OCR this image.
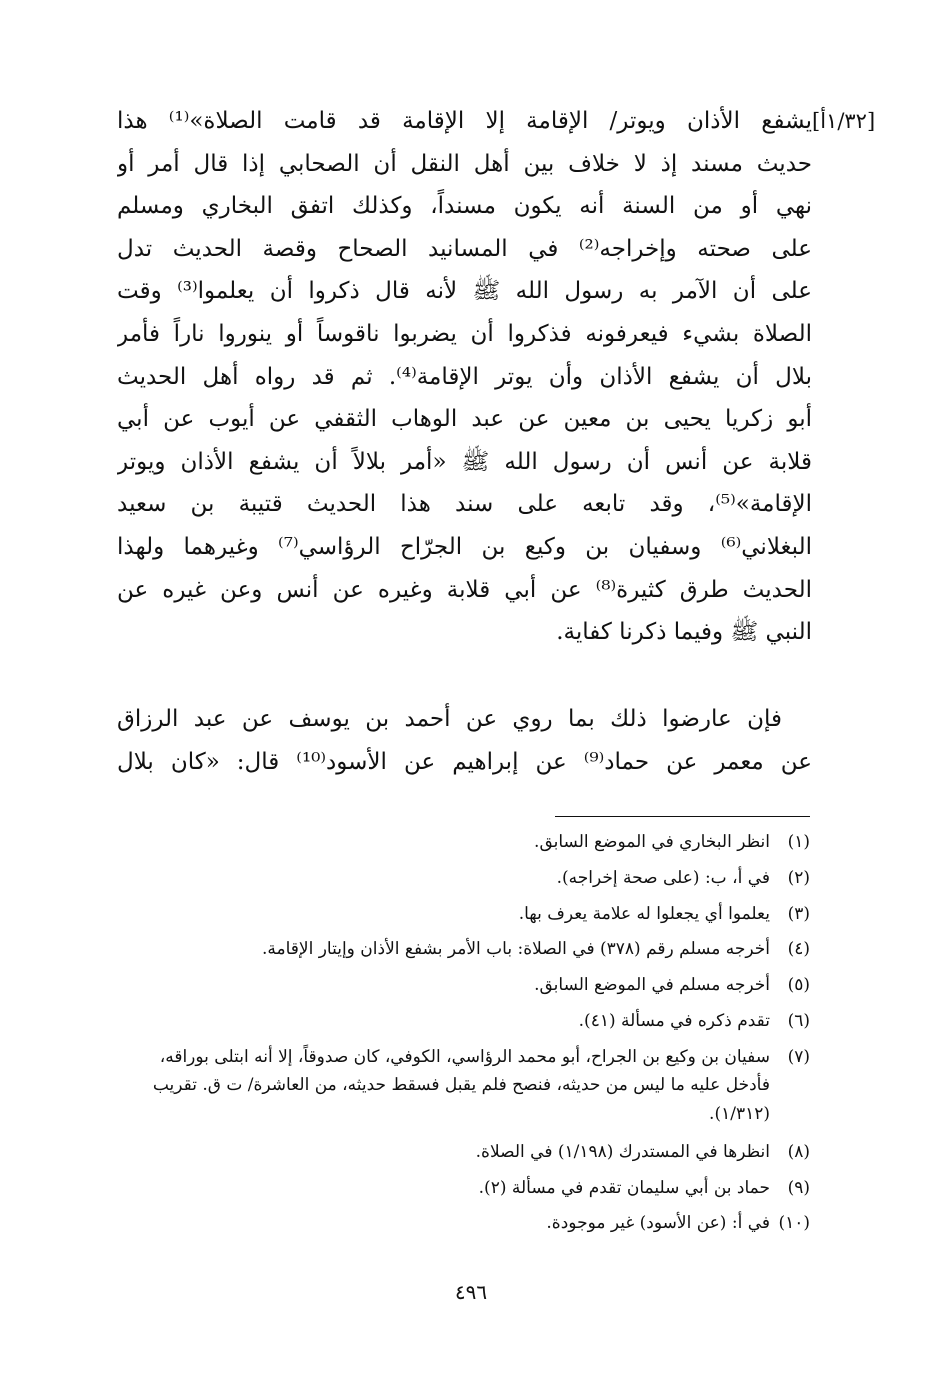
[١/٣٢أ]
يشفع الأذان ويوتر/ الإقامة إلا الإقامة قد قامت الصلاة»⁽¹⁾ هذا
حديث مسند إذ لا خلاف بين أهل النقل أن الصحابي إذا قال أمر أو
نهي أو من السنة أنه يكون مسنداً، وكذلك اتفق البخاري ومسلم
على صحته وإخراجه⁽²⁾ في المسانيد الصحاح وقصة الحديث تدل
على أن الآمر به رسول الله ﷺ لأنه قال ذكروا أن يعلموا⁽³⁾ وقت
الصلاة بشيء فيعرفونه فذكروا أن يضربوا ناقوساً أو ينوروا ناراً فأمر
بلال أن يشفع الأذان وأن يوتر الإقامة⁽⁴⁾. ثم قد رواه أهل الحديث
أبو زكريا يحيى بن معين عن عبد الوهاب الثقفي عن أيوب عن أبي
قلابة عن أنس أن رسول الله ﷺ «أمر بلالاً أن يشفع الأذان ويوتر
الإقامة»⁽⁵⁾، وقد تابعه على سند هذا الحديث قتيبة بن سعيد
البغلاني⁽⁶⁾ وسفيان بن وكيع بن الجرّاح الرؤاسي⁽⁷⁾ وغيرهما ولهذا
الحديث طرق كثيرة⁽⁸⁾ عن أبي قلابة وغيره عن أنس وعن غيره عن
النبي ﷺ وفيما ذكرنا كفاية.
فإن عارضوا ذلك بما روي عن أحمد بن يوسف عن عبد الرزاق
عن معمر عن حماد⁽⁹⁾ عن إبراهيم عن الأسود⁽¹⁰⁾ قال: «كان بلال
(١)
انظر البخاري في الموضع السابق.
(٢)
في أ، ب: (على صحة إخراجه).
(٣)
يعلموا أي يجعلوا له علامة يعرف بها.
(٤)
أخرجه مسلم رقم (٣٧٨) في الصلاة: باب الأمر بشفع الأذان وإيتار الإقامة.
(٥)
أخرجه مسلم في الموضع السابق.
(٦)
تقدم ذكره في مسألة (٤١).
(٧)
سفيان بن وكيع بن الجراح، أبو محمد الرؤاسي، الكوفي، كان صدوقاً، إلا أنه ابتلى بوراقه، فأدخل عليه ما ليس من حديثه، فنصح فلم يقبل فسقط حديثه، من العاشرة/ ت ق. تقريب (١/٣١٢).
(٨)
انظرها في المستدرك (١/١٩٨) في الصلاة.
(٩)
حماد بن أبي سليمان تقدم في مسألة (٢).
(١٠)
في أ: (عن الأسود) غير موجودة.
٤٩٦
